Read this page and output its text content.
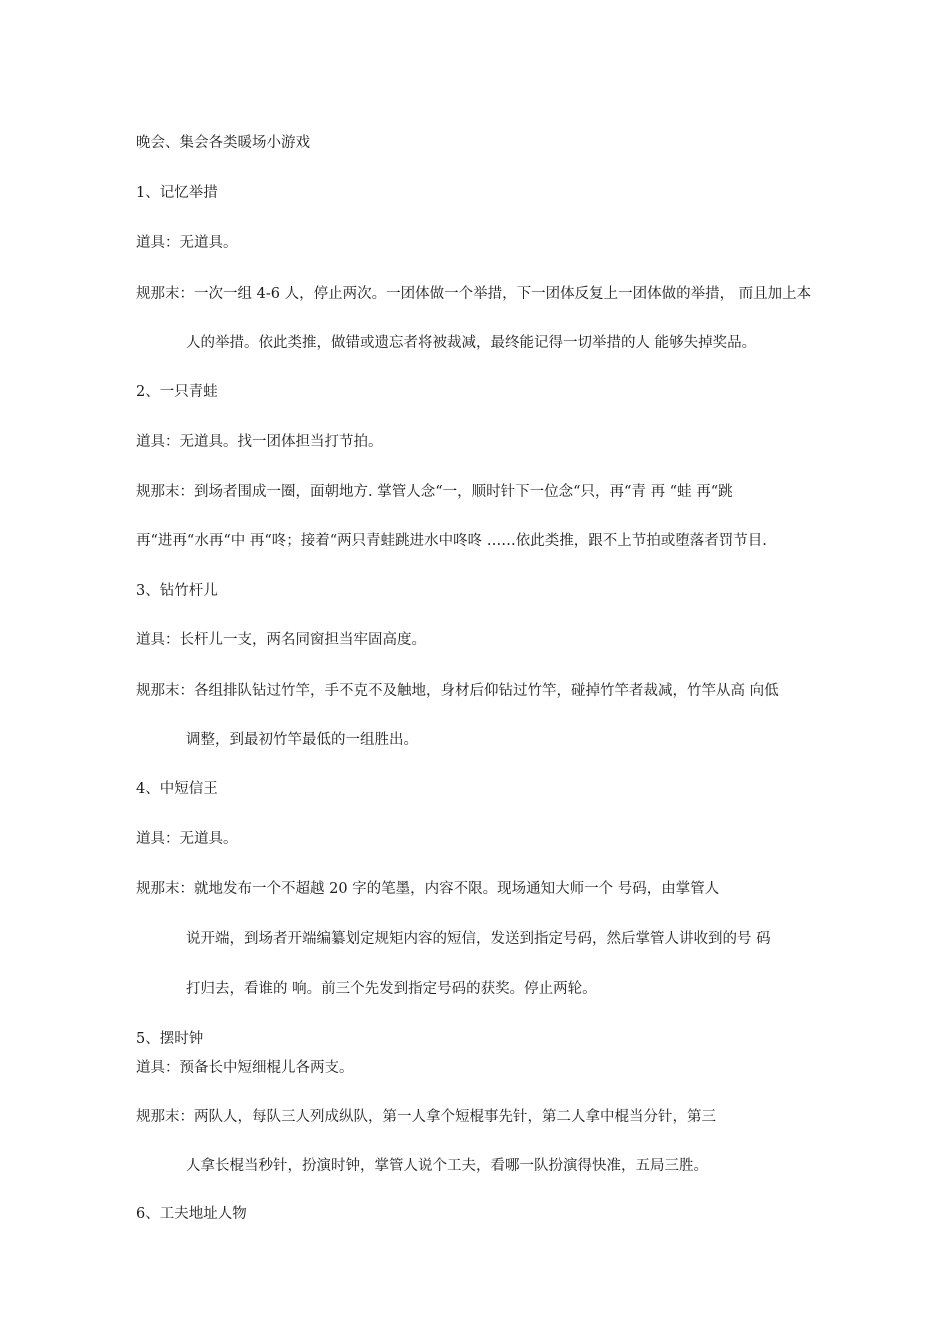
晚会、集会各类暖场小游戏

1、记忆举措

道具：无道具。

规那末：一次一组 4-6 人，停止两次。一团体做一个举措，下一团体反复上一团体做的举措， 而且加上本

人的举措。依此类推，做错或遗忘者将被裁减，最终能记得一切举措的人 能够失掉奖品。

2、一只青蛙

道具：无道具。找一团体担当打节拍。

规那末：到场者围成一圈，面朝地方. 掌管人念“一，顺时针下一位念“只，再“青 再 “蛙 再“跳

再“进再“水再“中 再“咚；接着“两只青蛙跳进水中咚咚 ……依此类推，跟不上节拍或堕落者罚节目.

3、钻竹杆儿

道具：长杆儿一支，两名同窗担当牢固高度。

规那末：各组排队钻过竹竿，手不克不及触地，身材后仰钻过竹竿，碰掉竹竿者裁减，竹竿从高 向低

调整，到最初竹竿最低的一组胜出。

4、中短信王

道具：无道具。

规那末：就地发布一个不超越 20 字的笔墨，内容不限。现场通知大师一个 号码，由掌管人

说开端，到场者开端编纂划定规矩内容的短信，发送到指定号码，然后掌管人讲收到的号 码

打归去，看谁的 响。前三个先发到指定号码的获奖。停止两轮。

5、摆时钟

道具：预备长中短细棍儿各两支。

规那末：两队人，每队三人列成纵队，第一人拿个短棍事先针，第二人拿中棍当分针，第三

人拿长棍当秒针，扮演时钟，掌管人说个工夫，看哪一队扮演得快准，五局三胜。

6、工夫地址人物
